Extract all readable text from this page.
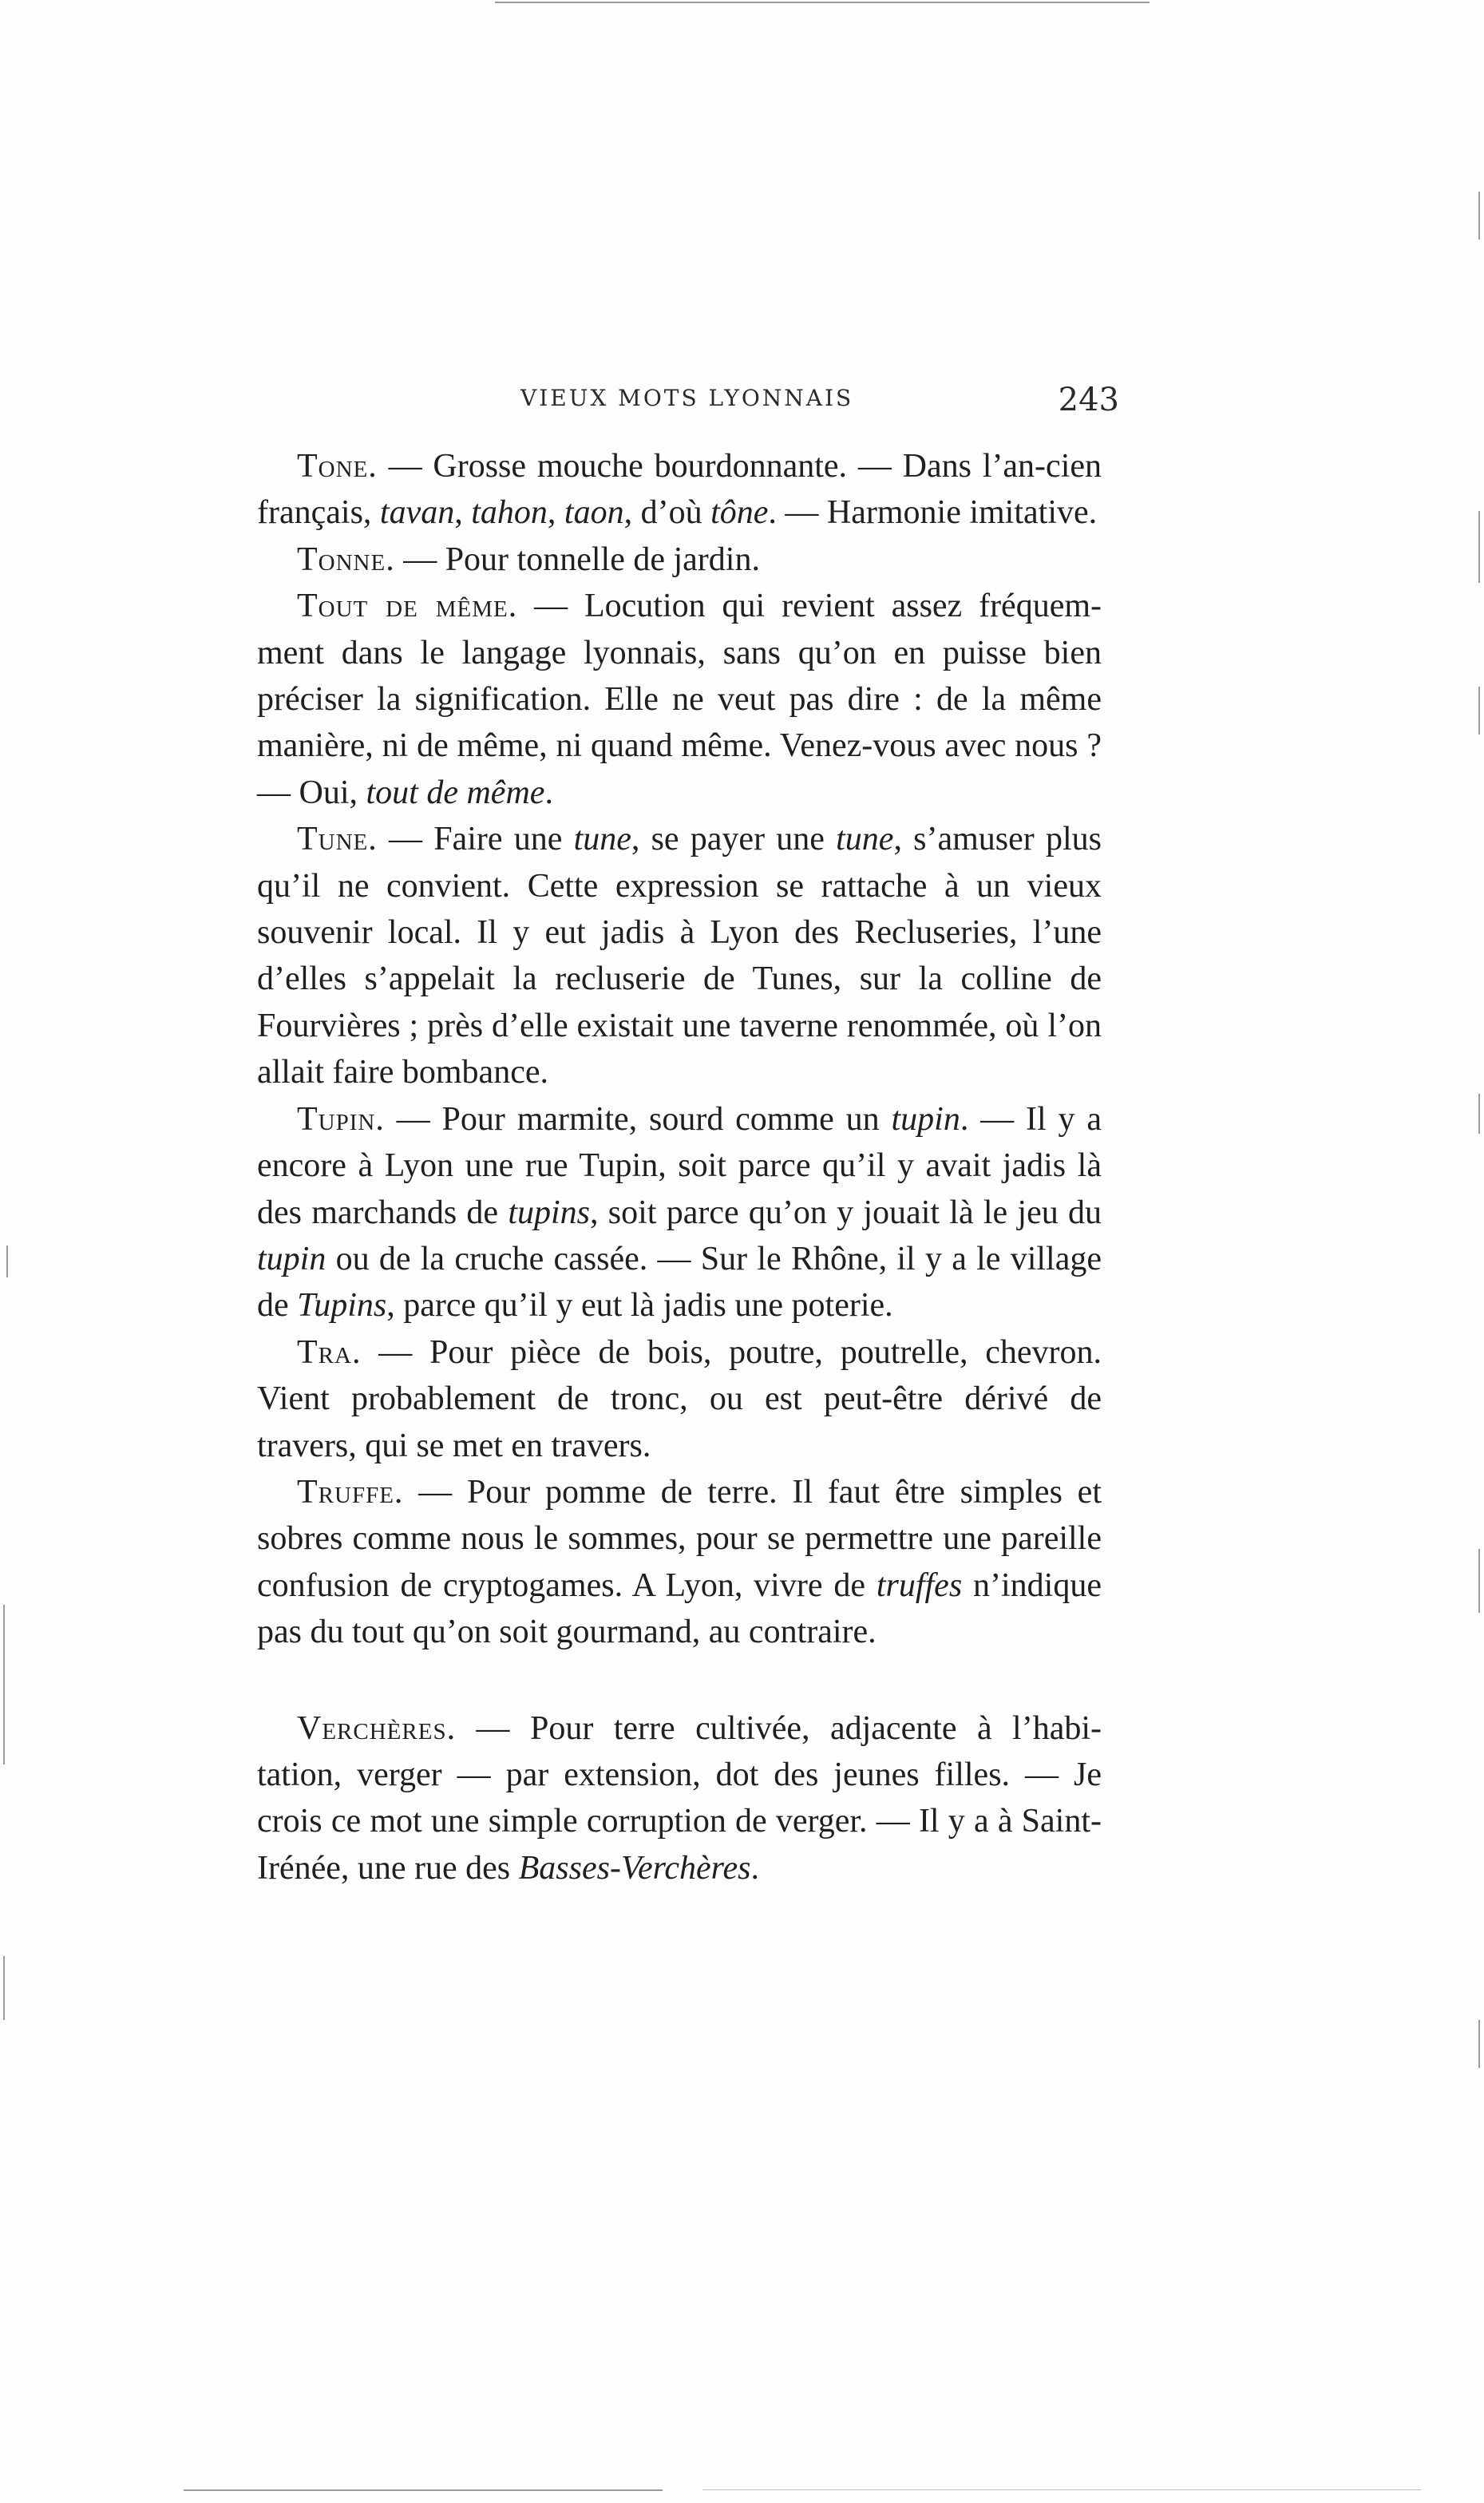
VIEUX MOTS LYONNAIS	243

Tone. — Grosse mouche bourdonnante. — Dans l’an-cien français, tavan, tahon, taon, d’où tône. — Harmonie imitative.

Tonne. — Pour tonnelle de jardin.

Tout de même. — Locution qui revient assez fréquem-ment dans le langage lyonnais, sans qu’on en puisse bien préciser la signification. Elle ne veut pas dire : de la même manière, ni de même, ni quand même. Venez-vous avec nous ? — Oui, tout de même.

Tune. — Faire une tune, se payer une tune, s’amuser plus qu’il ne convient. Cette expression se rattache à un vieux souvenir local. Il y eut jadis à Lyon des Recluseries, l’une d’elles s’appelait la recluserie de Tunes, sur la colline de Fourvières ; près d’elle existait une taverne renommée, où l’on allait faire bombance.

Tupin. — Pour marmite, sourd comme un tupin. — Il y a encore à Lyon une rue Tupin, soit parce qu’il y avait jadis là des marchands de tupins, soit parce qu’on y jouait là le jeu du tupin ou de la cruche cassée. — Sur le Rhône, il y a le village de Tupins, parce qu’il y eut là jadis une poterie.

Tra. — Pour pièce de bois, poutre, poutrelle, chevron. Vient probablement de tronc, ou est peut-être dérivé de travers, qui se met en travers.

Truffe. — Pour pomme de terre. Il faut être simples et sobres comme nous le sommes, pour se permettre une pareille confusion de cryptogames. A Lyon, vivre de truffes n’indique pas du tout qu’on soit gourmand, au contraire.

Verchères. — Pour terre cultivée, adjacente à l’habi-tation, verger — par extension, dot des jeunes filles. — Je crois ce mot une simple corruption de verger. — Il y a à Saint-Irénée, une rue des Basses-Verchères.
